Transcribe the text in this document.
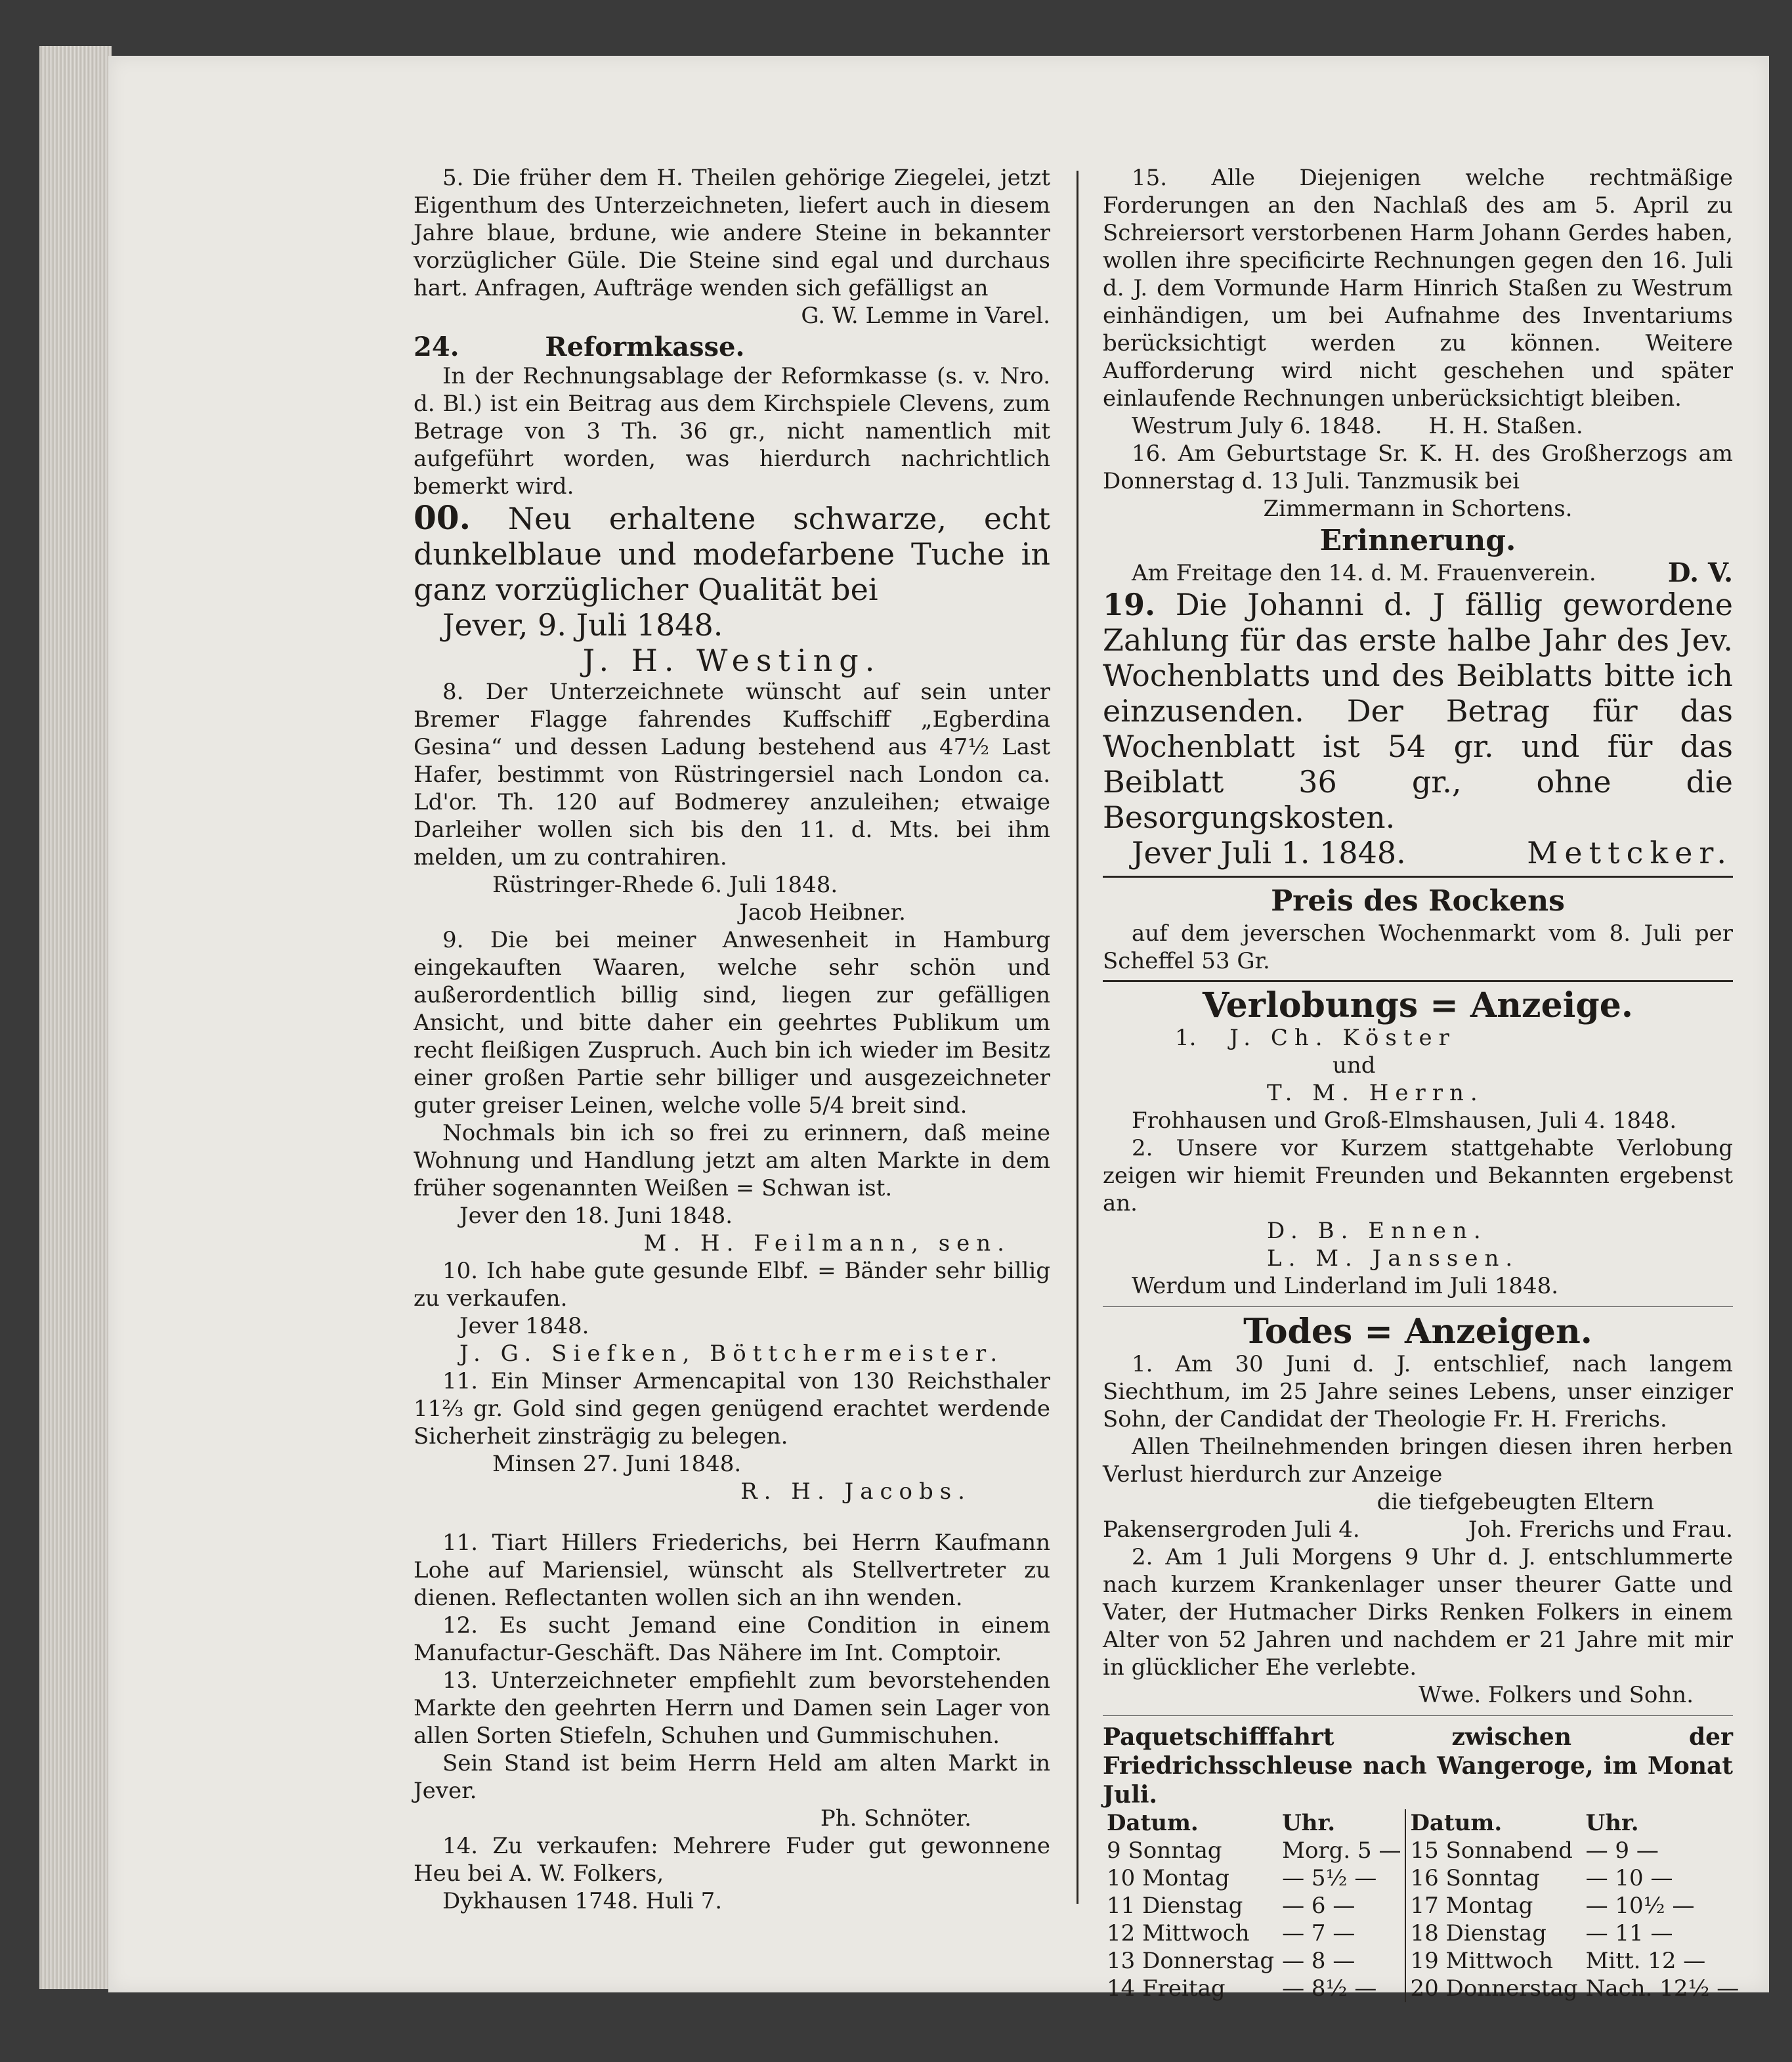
5. Die früher dem H. Theilen gehörige Ziegelei, jetzt Eigenthum des Unterzeichneten, liefert auch in diesem Jahre blaue, brdune, wie andere Steine in bekannter vorzüglicher Güle. Die Steine sind egal und durchaus hart. Anfragen, Aufträge wenden sich gefälligst an

G. W. Lemme in Varel.

24.	Reformkasse.

In der Rechnungsablage der Reformkasse (s. v. Nro. d. Bl.) ist ein Beitrag aus dem Kirchspiele Clevens, zum Betrage von 3 Th. 36 gr., nicht namentlich mit aufgeführt worden, was hierdurch nachrichtlich bemerkt wird.

00. Neu erhaltene schwarze, echt dunkelblaue und modefarbene Tuche in ganz vorzüglicher Qualität bei

Jever, 9. Juli 1848.

J. H. Westing.

8. Der Unterzeichnete wünscht auf sein unter Bremer Flagge fahrendes Kuffschiff „Egberdina Gesina“ und dessen Ladung bestehend aus 47½ Last Hafer, bestimmt von Rüstringersiel nach London ca. Ld'or. Th. 120 auf Bodmerey anzuleihen; etwaige Darleiher wollen sich bis den 11. d. Mts. bei ihm melden, um zu contrahiren.

Rüstringer-Rhede 6. Juli 1848.

Jacob Heibner.

9. Die bei meiner Anwesenheit in Hamburg eingekauften Waaren, welche sehr schön und außerordentlich billig sind, liegen zur gefälligen Ansicht, und bitte daher ein geehrtes Publikum um recht fleißigen Zuspruch. Auch bin ich wieder im Besitz einer großen Partie sehr billiger und ausgezeichneter guter greiser Leinen, welche volle 5/4 breit sind.

Nochmals bin ich so frei zu erinnern, daß meine Wohnung und Handlung jetzt am alten Markte in dem früher sogenannten Weißen = Schwan ist.

Jever den 18. Juni 1848.

M. H. Feilmann, sen.

10. Ich habe gute gesunde Elbf. = Bänder sehr billig zu verkaufen.

Jever 1848.

J. G. Siefken, Böttchermeister.

11. Ein Minser Armencapital von 130 Reichsthaler 11⅔ gr. Gold sind gegen genügend erachtet werdende Sicherheit zinsträgig zu belegen.

Minsen 27. Juni 1848.

R. H. Jacobs.

11. Tiart Hillers Friederichs, bei Herrn Kaufmann Lohe auf Mariensiel, wünscht als Stellvertreter zu dienen. Reflectanten wollen sich an ihn wenden.

12. Es sucht Jemand eine Condition in einem Manufactur-Geschäft. Das Nähere im Int. Comptoir.

13. Unterzeichneter empfiehlt zum bevorstehenden Markte den geehrten Herrn und Damen sein Lager von allen Sorten Stiefeln, Schuhen und Gummischuhen.

Sein Stand ist beim Herrn Held am alten Markt in Jever.

Ph. Schnöter.

14. Zu verkaufen: Mehrere Fuder gut gewonnene Heu bei A. W. Folkers,

Dykhausen 1748. Huli 7.

15. Alle Diejenigen welche rechtmäßige Forderungen an den Nachlaß des am 5. April zu Schreiersort verstorbenen Harm Johann Gerdes haben, wollen ihre specificirte Rechnungen gegen den 16. Juli d. J. dem Vormunde Harm Hinrich Staßen zu Westrum einhändigen, um bei Aufnahme des Inventariums berücksichtigt werden zu können. Weitere Aufforderung wird nicht geschehen und später einlaufende Rechnungen unberücksichtigt bleiben.

Westrum July 6. 1848. H. H. Staßen.

16. Am Geburtstage Sr. K. H. des Großherzogs am Donnerstag d. 13 Juli. Tanzmusik bei

Zimmermann in Schortens.

Erinnerung.

Am Freitage den 14. d. M. Frauenverein.	D. V.

19. Die Johanni d. J fällig gewordene Zahlung für das erste halbe Jahr des Jev. Wochenblatts und des Beiblatts bitte ich einzusenden. Der Betrag für das Wochenblatt ist 54 gr. und für das Beiblatt 36 gr., ohne die Besorgungskosten.

Jever Juli 1. 1848.	Mettcker.

Preis des Rockens

auf dem jeverschen Wochenmarkt vom 8. Juli per Scheffel 53 Gr.

Verlobungs = Anzeige.

1. J. Ch. Köster

und

T. M. Herrn.

Frohhausen und Groß-Elmshausen, Juli 4. 1848.

2. Unsere vor Kurzem stattgehabte Verlobung zeigen wir hiemit Freunden und Bekannten ergebenst an.

D. B. Ennen.

L. M. Janssen.

Werdum und Linderland im Juli 1848.

Todes = Anzeigen.

1. Am 30 Juni d. J. entschlief, nach langem Siechthum, im 25 Jahre seines Lebens, unser einziger Sohn, der Candidat der Theologie Fr. H. Frerichs.

Allen Theilnehmenden bringen diesen ihren herben Verlust hierdurch zur Anzeige

die tiefgebeugten Eltern

Pakensergroden Juli 4.	Joh. Frerichs und Frau.

2. Am 1 Juli Morgens 9 Uhr d. J. entschlummerte nach kurzem Krankenlager unser theurer Gatte und Vater, der Hutmacher Dirks Renken Folkers in einem Alter von 52 Jahren und nachdem er 21 Jahre mit mir in glücklicher Ehe verlebte.

Wwe. Folkers und Sohn.

Paquetschifffahrt zwischen der Friedrichsschleuse nach Wangeroge, im Monat Juli.

Datum.	Uhr.	Datum.	Uhr.
9 Sonntag	Morg. 5 —	15 Sonnabend	— 9 —
10 Montag	— 5½ —	16 Sonntag	— 10 —
11 Dienstag	— 6 —	17 Montag	— 10½ —
12 Mittwoch	— 7 —	18 Dienstag	— 11 —
13 Donnerstag	— 8 —	19 Mittwoch	Mitt. 12 —
14 Freitag	— 8½ —	20 Donnerstag	Nach. 12½ —
